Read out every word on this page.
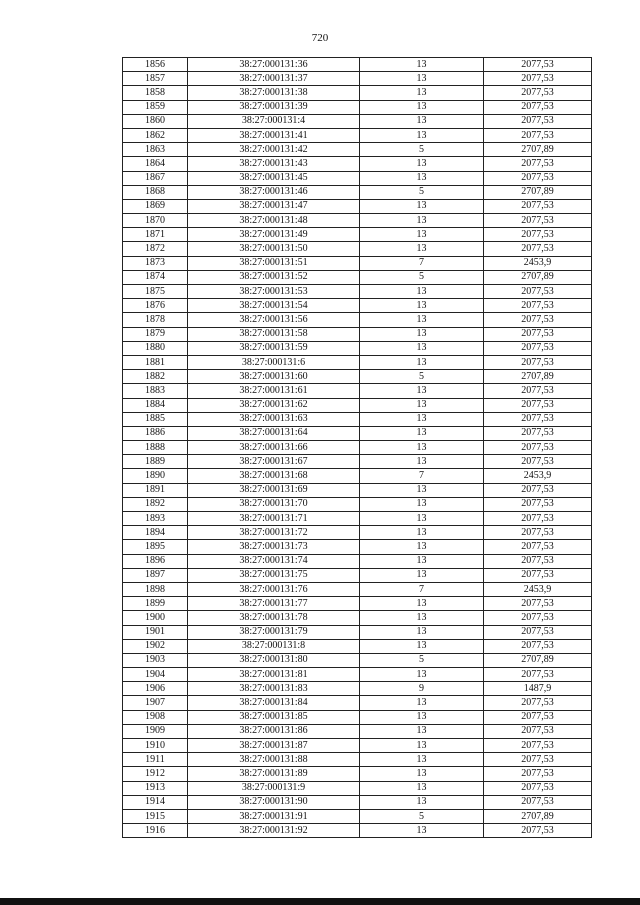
720
1856	38:27:000131:36	13	2077,53
1857	38:27:000131:37	13	2077,53
1858	38:27:000131:38	13	2077,53
1859	38:27:000131:39	13	2077,53
1860	38:27:000131:4	13	2077,53
1862	38:27:000131:41	13	2077,53
1863	38:27:000131:42	5	2707,89
1864	38:27:000131:43	13	2077,53
1867	38:27:000131:45	13	2077,53
1868	38:27:000131:46	5	2707,89
1869	38:27:000131:47	13	2077,53
1870	38:27:000131:48	13	2077,53
1871	38:27:000131:49	13	2077,53
1872	38:27:000131:50	13	2077,53
1873	38:27:000131:51	7	2453,9
1874	38:27:000131:52	5	2707,89
1875	38:27:000131:53	13	2077,53
1876	38:27:000131:54	13	2077,53
1878	38:27:000131:56	13	2077,53
1879	38:27:000131:58	13	2077,53
1880	38:27:000131:59	13	2077,53
1881	38:27:000131:6	13	2077,53
1882	38:27:000131:60	5	2707,89
1883	38:27:000131:61	13	2077,53
1884	38:27:000131:62	13	2077,53
1885	38:27:000131:63	13	2077,53
1886	38:27:000131:64	13	2077,53
1888	38:27:000131:66	13	2077,53
1889	38:27:000131:67	13	2077,53
1890	38:27:000131:68	7	2453,9
1891	38:27:000131:69	13	2077,53
1892	38:27:000131:70	13	2077,53
1893	38:27:000131:71	13	2077,53
1894	38:27:000131:72	13	2077,53
1895	38:27:000131:73	13	2077,53
1896	38:27:000131:74	13	2077,53
1897	38:27:000131:75	13	2077,53
1898	38:27:000131:76	7	2453,9
1899	38:27:000131:77	13	2077,53
1900	38:27:000131:78	13	2077,53
1901	38:27:000131:79	13	2077,53
1902	38:27:000131:8	13	2077,53
1903	38:27:000131:80	5	2707,89
1904	38:27:000131:81	13	2077,53
1906	38:27:000131:83	9	1487,9
1907	38:27:000131:84	13	2077,53
1908	38:27:000131:85	13	2077,53
1909	38:27:000131:86	13	2077,53
1910	38:27:000131:87	13	2077,53
1911	38:27:000131:88	13	2077,53
1912	38:27:000131:89	13	2077,53
1913	38:27:000131:9	13	2077,53
1914	38:27:000131:90	13	2077,53
1915	38:27:000131:91	5	2707,89
1916	38:27:000131:92	13	2077,53
